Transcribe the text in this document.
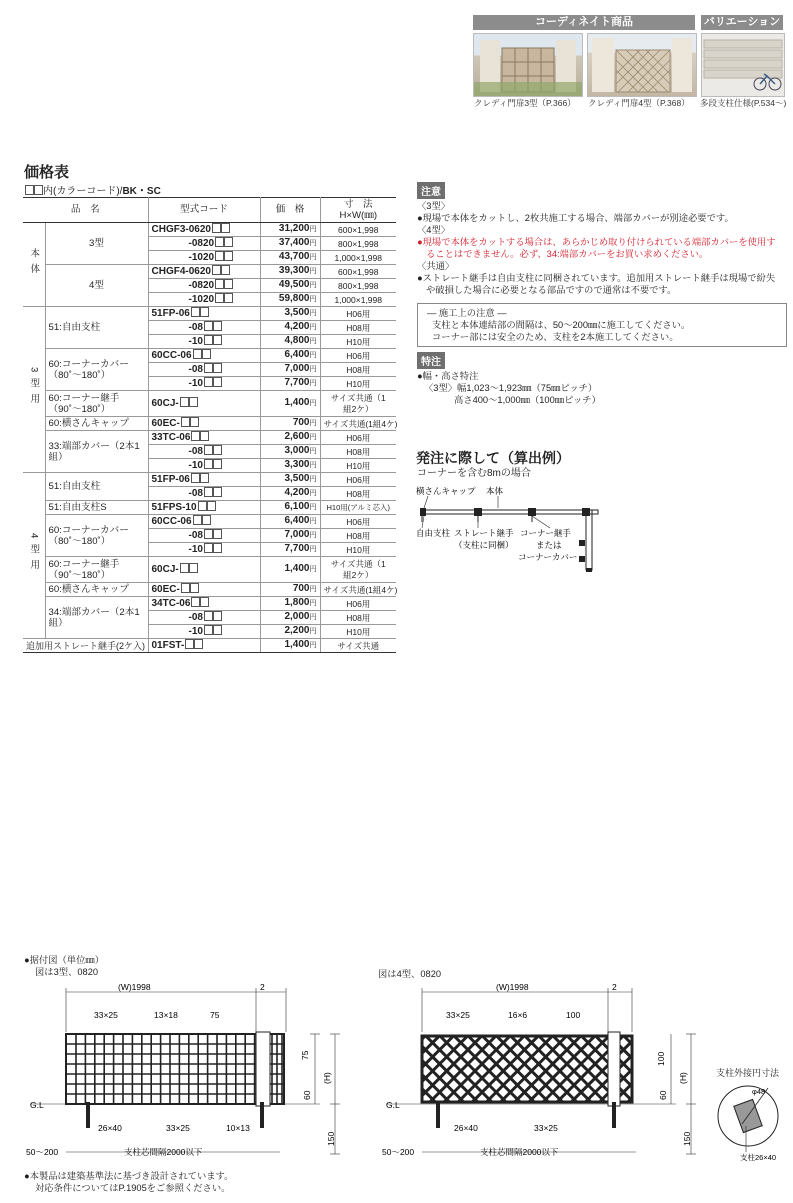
コーディネイト商品	バリエーション
クレディ門扉3型（P.366） クレディ門扉4型（P.368） 多段支柱仕様(P.534〜)
価格表
内(カラーコード)/BK・SC
品　名		型式コード	価　格	寸　法
H×W(㎜)
本体	3型	CHGF3-0620	31,200円	600×1,998
		-0820	37,400円	800×1,998
		-1020	43,700円	1,000×1,998
	4型	CHGF4-0620	39,300円	600×1,998
		-0820	49,500円	800×1,998
		-1020	59,800円	1,000×1,998
3型用	51:自由支柱	51FP-06	3,500円	H06用
		-08	4,200円	H08用
		-10	4,800円	H10用
	60:コーナーカバー（80˚〜180˚）	60CC-06	6,400円	H06用
		-08	7,000円	H08用
		-10	7,700円	H10用
	60:コーナー継手（90˚〜180˚）	60CJ-	1,400円	サイズ共通（1組2ケ）
	60:横さんキャップ	60EC-	700円	サイズ共通(1組4ケ)
	33:端部カバー（2本1組）	33TC-06	2,600円	H06用
		-08	3,000円	H08用
		-10	3,300円	H10用
4型用	51:自由支柱	51FP-06	3,500円	H06用
		-08	4,200円	H08用
	51:自由支柱S	51FPS-10	6,100円	H10用(アルミ芯入)
	60:コーナーカバー（80˚〜180˚）	60CC-06	6,400円	H06用
		-08	7,000円	H08用
		-10	7,700円	H10用
	60:コーナー継手（90˚〜180˚）	60CJ-	1,400円	サイズ共通（1組2ケ）
	60:横さんキャップ	60EC-	700円	サイズ共通(1組4ケ)
	34:端部カバー（2本1組）	34TC-06	1,800円	H06用
		-08	2,000円	H08用
		-10	2,200円	H10用
追加用ストレート継手(2ケ入)		01FST-	1,400円	サイズ共通
注意
〈3型〉
●現場で本体をカットし、2枚共施工する場合、端部カバーが別途必要です。
〈4型〉
●現場で本体をカットする場合は、あらかじめ取り付けられている端部カバーを使用す
ることはできません。必ず、34:端部カバーをお買い求めください。
〈共通〉
●ストレート継手は自由支柱に同梱されています。追加用ストレート継手は現場で紛失
や破損した場合に必要となる部品ですので通常は不要です。
― 施工上の注意 ―
支柱と本体連結部の間隔は、50〜200㎜に施工してください。
コーナー部には安全のため、支柱を2本施工してください。
特注
●幅・高さ特注
〈3型〉幅1,023〜1,923㎜（75㎜ピッチ）
高さ400〜1,000㎜（100㎜ピッチ）
発注に際して（算出例）
コーナーを含む8mの場合
横さんキャップ 本体
自由支柱 ストレート継手
（支柱に同梱）
コーナー継手
または
コーナーカバー
●据付図（単位㎜）
図は3型、0820	図は4型、0820
(W)1998	2
33×25	13×18	75
75
(H)
60
150
G.L
26×40	33×25	10×13
50〜200	支柱芯間隔2000以下
(W)1998	2
33×25	16×6	100
100
(H)
60
150
G.L
26×40	33×25
50〜200	支柱芯間隔2000以下
支柱外接円寸法
φ48
支柱26×40
●本製品は建築基準法に基づき設計されています。
対応条件についてはP.1905をご参照ください。
